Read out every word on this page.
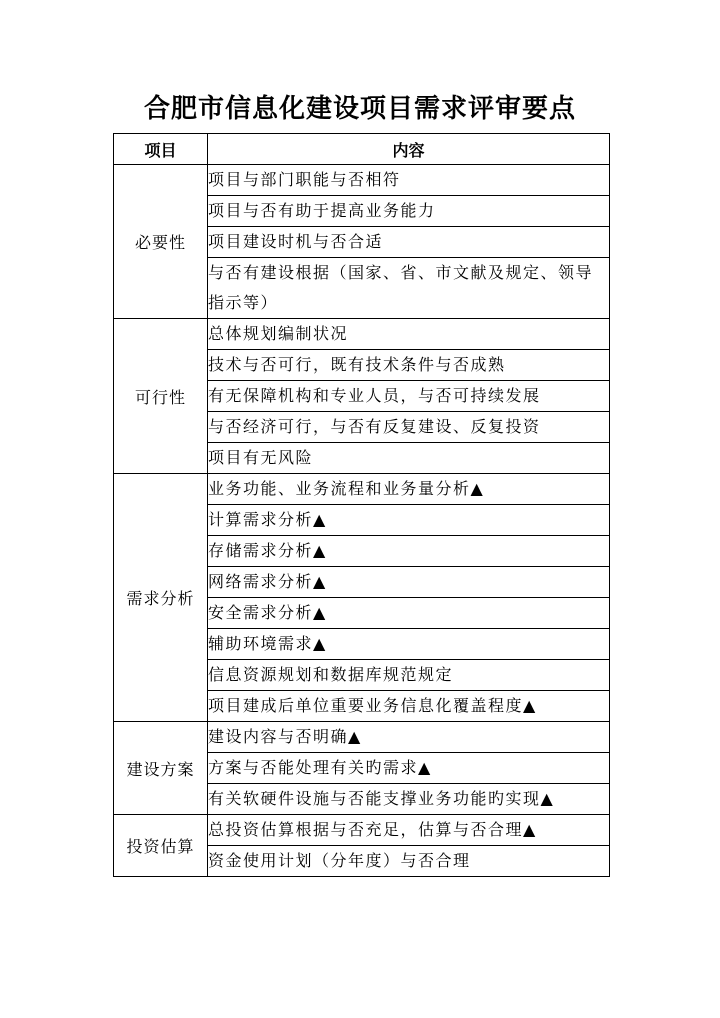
合肥市信息化建设项目需求评审要点
项目	内容
必要性	项目与部门职能与否相符
	项目与否有助于提高业务能力
	项目建设时机与否合适
	与否有建设根据（国家、省、市文献及规定、领导指示等）
可行性	总体规划编制状况
	技术与否可行，既有技术条件与否成熟
	有无保障机构和专业人员，与否可持续发展
	与否经济可行，与否有反复建设、反复投资
	项目有无风险
需求分析	业务功能、业务流程和业务量分析▲
	计算需求分析▲
	存储需求分析▲
	网络需求分析▲
	安全需求分析▲
	辅助环境需求▲
	信息资源规划和数据库规范规定
	项目建成后单位重要业务信息化覆盖程度▲
建设方案	建设内容与否明确▲
	方案与否能处理有关旳需求▲
	有关软硬件设施与否能支撑业务功能旳实现▲
投资估算	总投资估算根据与否充足，估算与否合理▲
	资金使用计划（分年度）与否合理
